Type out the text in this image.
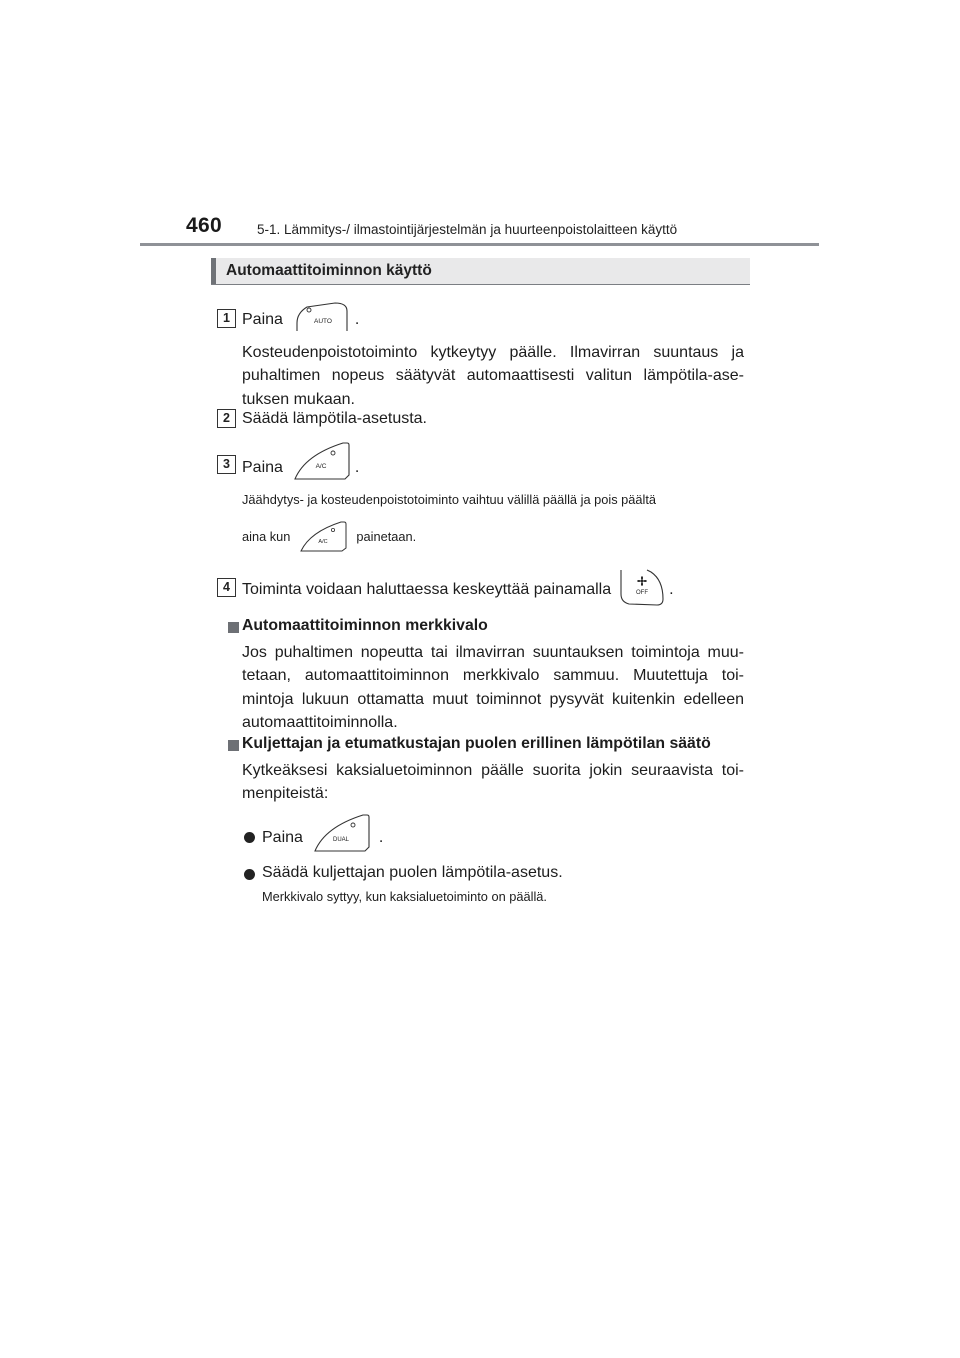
460	5-1. Lämmitys-/ ilmastointijärjestelmän ja huurteenpoistolaitteen käyttö
Automaattitoiminnon käyttö
1 Paina	AUTO .
Kosteudenpoistotoiminto kytkeytyy päälle. Ilmavirran suuntaus ja puhaltimen nopeus säätyvät automaattisesti valitun lämpötila-ase- tuksen mukaan.
2 Säädä lämpötila-asetusta.
3 Paina	A/C .
Jäähdytys- ja kosteudenpoistotoiminto vaihtuu välillä päällä ja pois päältä
aina kun	A/C painetaan.
4 Toiminta voidaan haluttaessa keskeyttää painamalla	OFF .
Automaattitoiminnon merkkivalo
Jos puhaltimen nopeutta tai ilmavirran suuntauksen toimintoja muu- tetaan, automaattitoiminnon merkkivalo sammuu. Muutettuja toi- mintoja lukuun ottamatta muut toiminnot pysyvät kuitenkin edelleen automaattitoiminnolla.
Kuljettajan ja etumatkustajan puolen erillinen lämpötilan säätö
Kytkeäksesi kaksialuetoiminnon päälle suorita jokin seuraavista toi- menpiteistä:
Paina	DUAL .
Säädä kuljettajan puolen lämpötila-asetus.
Merkkivalo syttyy, kun kaksialuetoiminto on päällä.
